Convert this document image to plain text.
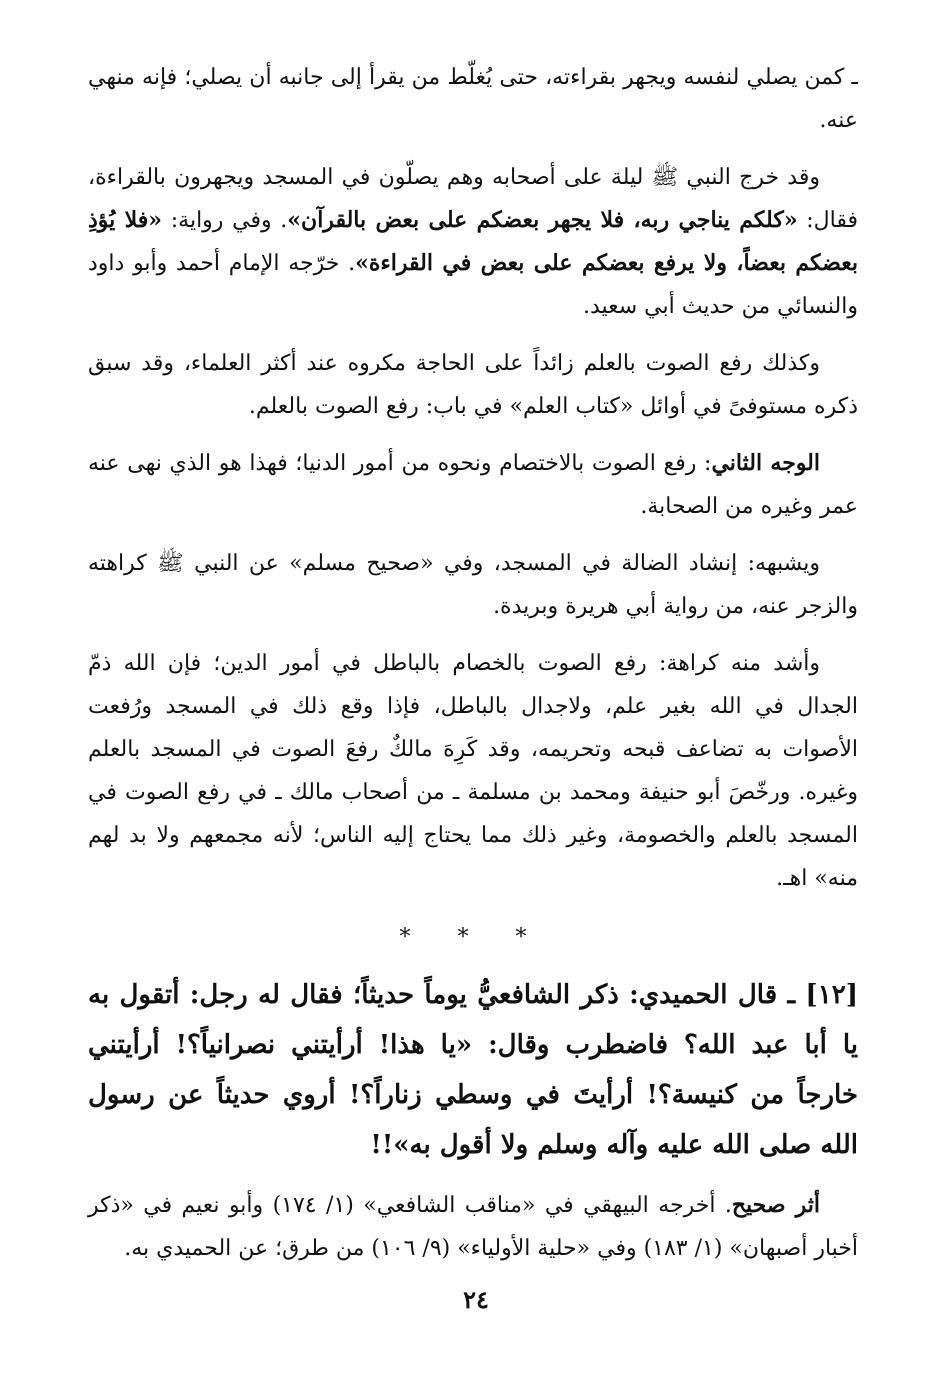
ـ كمن يصلي لنفسه ويجهر بقراءته، حتى يُغلّط من يقرأ إلى جانبه أن يصلي؛ فإنه منهي عنه.

وقد خرج النبي ﷺ ليلة على أصحابه وهم يصلّون في المسجد ويجهرون بالقراءة، فقال: «كلكم يناجي ربه، فلا يجهر بعضكم على بعض بالقرآن». وفي رواية: «فلا يُؤذِ بعضكم بعضاً، ولا يرفع بعضكم على بعض في القراءة». خرّجه الإمام أحمد وأبو داود والنسائي من حديث أبي سعيد.

وكذلك رفع الصوت بالعلم زائداً على الحاجة مكروه عند أكثر العلماء، وقد سبق ذكره مستوفىً في أوائل «كتاب العلم» في باب: رفع الصوت بالعلم.

الوجه الثاني: رفع الصوت بالاختصام ونحوه من أمور الدنيا؛ فهذا هو الذي نهى عنه عمر وغيره من الصحابة.

ويشبهه: إنشاد الضالة في المسجد، وفي «صحيح مسلم» عن النبي ﷺ كراهته والزجر عنه، من رواية أبي هريرة وبريدة.

وأشد منه كراهة: رفع الصوت بالخصام بالباطل في أمور الدين؛ فإن الله ذمّ الجدال في الله بغير علم، ولاجدال بالباطل، فإذا وقع ذلك في المسجد ورُفعت الأصوات به تضاعف قبحه وتحريمه، وقد كَرِهَ مالكٌ رفعَ الصوت في المسجد بالعلم وغيره. ورخّصَ أبو حنيفة ومحمد بن مسلمة ـ من أصحاب مالك ـ في رفع الصوت في المسجد بالعلم والخصومة، وغير ذلك مما يحتاج إليه الناس؛ لأنه مجمعهم ولا بد لهم منه» اهـ.

* * *

[١٢] ـ قال الحميدي: ذكر الشافعيُّ يوماً حديثاً؛ فقال له رجل: أتقول به يا أبا عبد الله؟ فاضطرب وقال: «يا هذا! أرأيتني نصرانياً؟! أرأيتني خارجاً من كنيسة؟! أرأيتَ في وسطي زناراً؟! أروي حديثاً عن رسول الله صلى الله عليه وآله وسلم ولا أقول به»!!

أثر صحيح. أخرجه البيهقي في «مناقب الشافعي» (١/ ١٧٤) وأبو نعيم في «ذكر أخبار أصبهان» (١/ ١٨٣) وفي «حلية الأولياء» (٩/ ١٠٦) من طرق؛ عن الحميدي به.

٢٤
